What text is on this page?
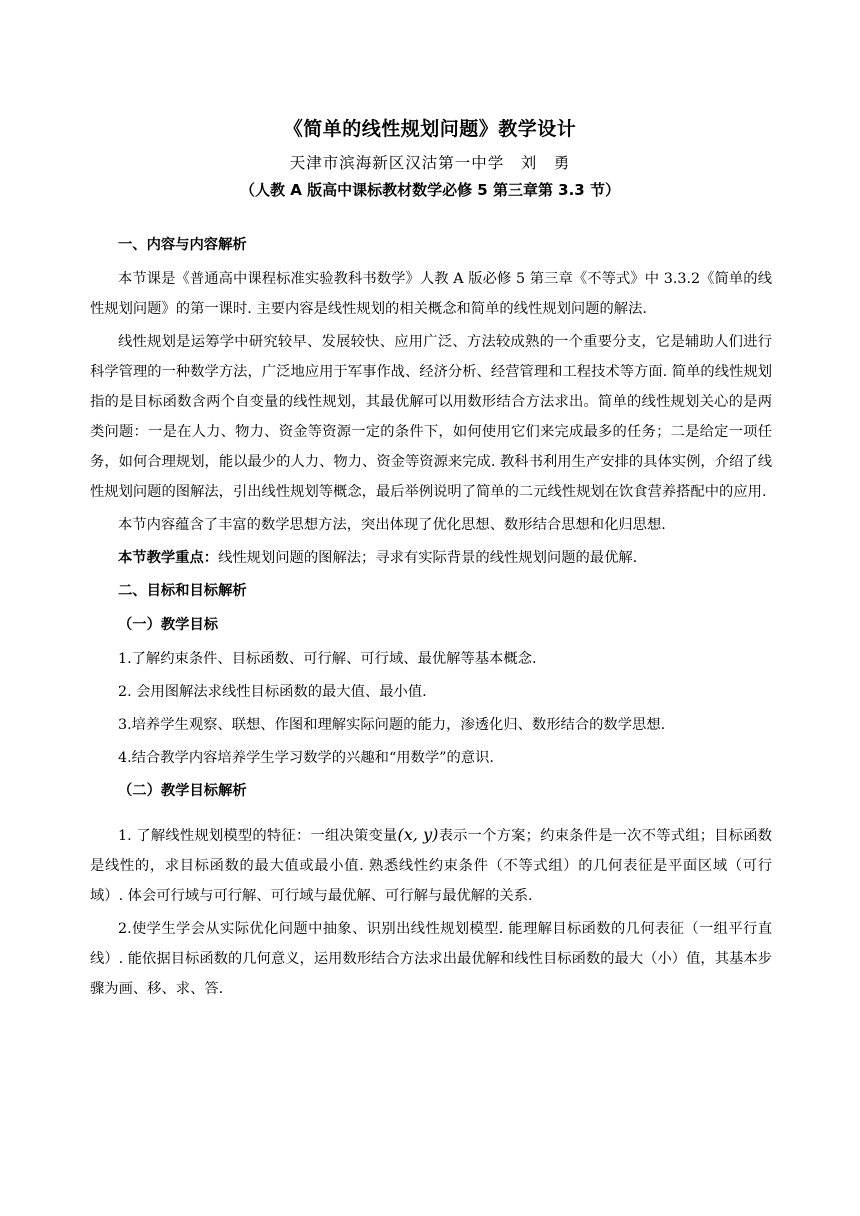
《简单的线性规划问题》教学设计
天津市滨海新区汉沽第一中学　刘　勇
（人教 A 版高中课标教材数学必修 5 第三章第 3.3 节）
一、内容与内容解析

本节课是《普通高中课程标准实验教科书数学》人教 A 版必修 5 第三章《不等式》中 3.3.2《简单的线性规划问题》的第一课时. 主要内容是线性规划的相关概念和简单的线性规划问题的解法.

线性规划是运筹学中研究较早、发展较快、应用广泛、方法较成熟的一个重要分支，它是辅助人们进行科学管理的一种数学方法，广泛地应用于军事作战、经济分析、经营管理和工程技术等方面. 简单的线性规划指的是目标函数含两个自变量的线性规划，其最优解可以用数形结合方法求出。简单的线性规划关心的是两类问题：一是在人力、物力、资金等资源一定的条件下，如何使用它们来完成最多的任务；二是给定一项任务，如何合理规划，能以最少的人力、物力、资金等资源来完成. 教科书利用生产安排的具体实例，介绍了线性规划问题的图解法，引出线性规划等概念，最后举例说明了简单的二元线性规划在饮食营养搭配中的应用.

本节内容蕴含了丰富的数学思想方法，突出体现了优化思想、数形结合思想和化归思想.

本节教学重点：线性规划问题的图解法；寻求有实际背景的线性规划问题的最优解.

二、目标和目标解析
（一）教学目标

1.了解约束条件、目标函数、可行解、可行域、最优解等基本概念.

2. 会用图解法求线性目标函数的最大值、最小值.

3.培养学生观察、联想、作图和理解实际问题的能力，渗透化归、数形结合的数学思想.

4.结合教学内容培养学生学习数学的兴趣和“用数学”的意识.

（二）教学目标解析

1. 了解线性规划模型的特征：一组决策变量(x, y)表示一个方案；约束条件是一次不等式组；目标函数是线性的，求目标函数的最大值或最小值. 熟悉线性约束条件（不等式组）的几何表征是平面区域（可行域）. 体会可行域与可行解、可行域与最优解、可行解与最优解的关系.

2.使学生学会从实际优化问题中抽象、识别出线性规划模型. 能理解目标函数的几何表征（一组平行直线）. 能依据目标函数的几何意义，运用数形结合方法求出最优解和线性目标函数的最大（小）值，其基本步骤为画、移、求、答.
